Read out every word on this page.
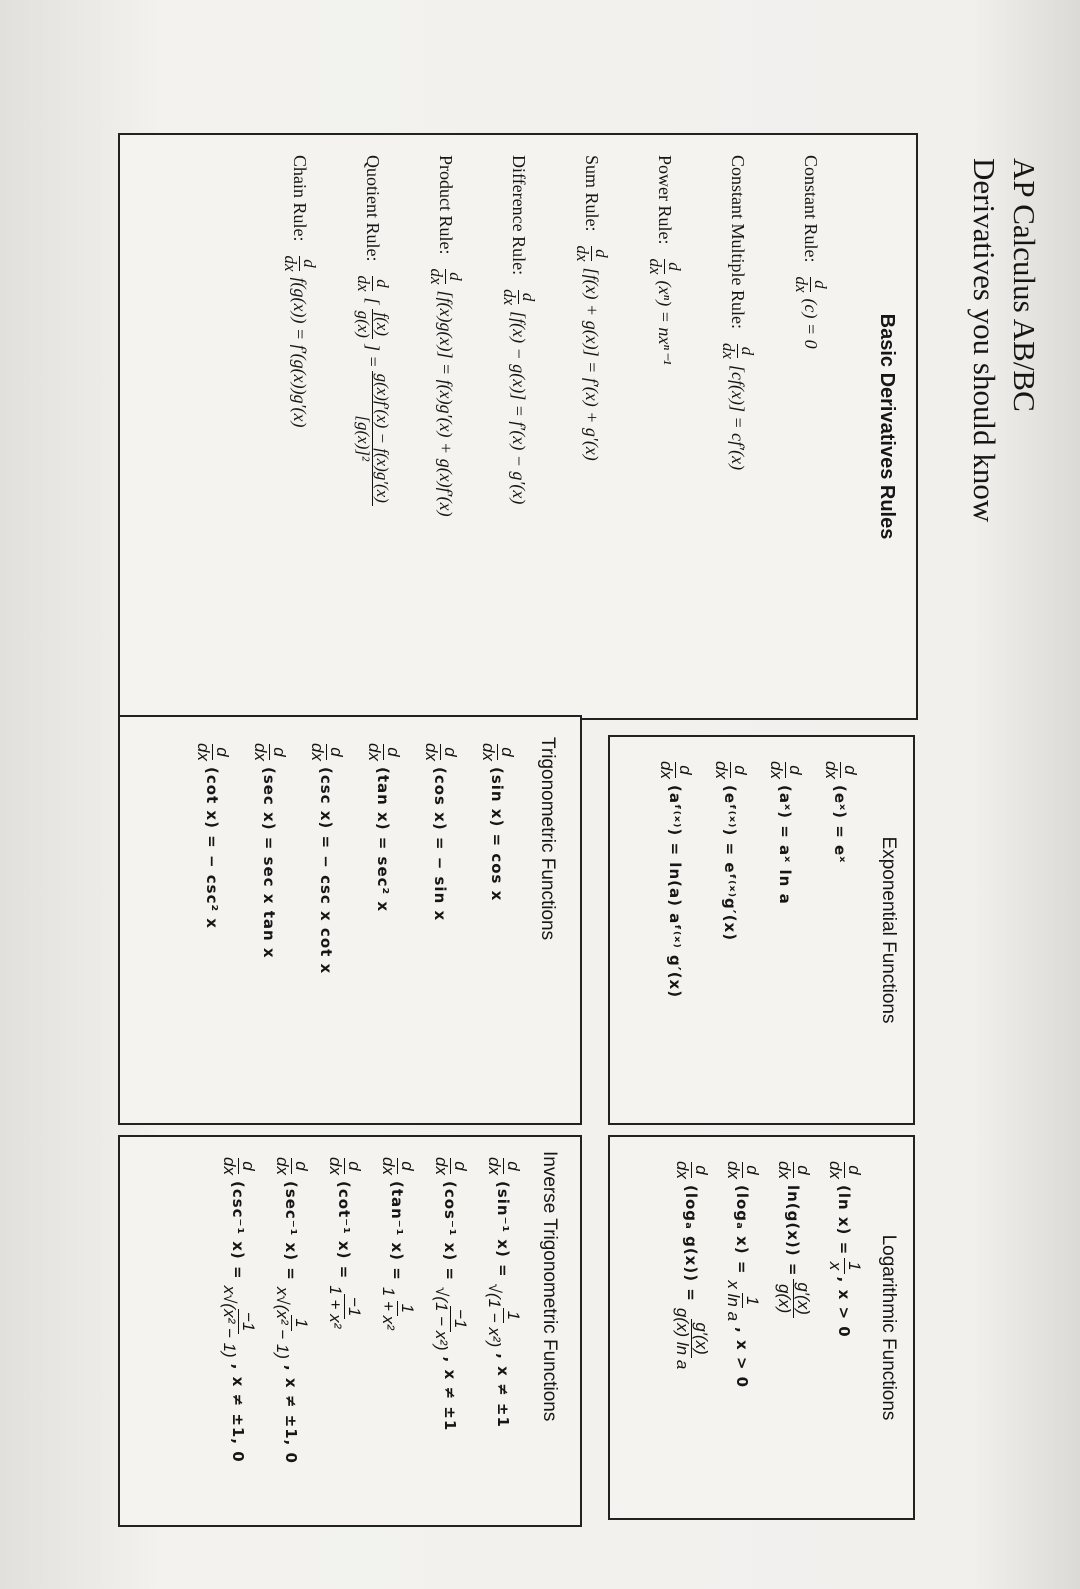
AP Calculus AB/BC
Derivatives you should know
Basic Derivatives Rules
Constant Rule:
d
dx
(c) = 0
Constant Multiple Rule:
d
dx
[cf(x)] = cf′(x)
Power Rule:
d
dx
(xⁿ) = nxⁿ⁻¹
Sum Rule:
d
dx
[f(x) + g(x)] = f′(x) + g′(x)
Difference Rule:
d
dx
[f(x) − g(x)] = f′(x) − g′(x)
Product Rule:
d
dx
[f(x)g(x)] = f(x)g′(x) + g(x)f′(x)
Quotient Rule:
d
dx
[
f(x)
g(x)
] =
g(x)f′(x) − f(x)g′(x)
[g(x)]²
Chain Rule:
d
dx
f(g(x)) = f′(g(x))g′(x)
Exponential Functions
d
dx
(eˣ) = eˣ
d
dx
(aˣ) = aˣ ln a
d
dx
(eᶠ⁽ˣ⁾) = eᶠ⁽ˣ⁾g′(x)
d
dx
(aᶠ⁽ˣ⁾) = ln(a) aᶠ⁽ˣ⁾ g′(x)
Trigonometric Functions
d
dx
(sin x) = cos x
d
dx
(cos x) = − sin x
d
dx
(tan x) = sec² x
d
dx
(csc x) = − csc x cot x
d
dx
(sec x) = sec x tan x
d
dx
(cot x) = − csc² x
Logarithmic Functions
d
dx
(ln x) =
1
x
, x > 0
d
dx
ln(g(x)) =
g′(x)
g(x)
d
dx
(logₐ x) =
1
x ln a
, x > 0
d
dx
(logₐ g(x)) =
g′(x)
g(x) ln a
Inverse Trigonometric Functions
d
dx
(sin⁻¹ x) =
1
√(1 − x²)
, x ≠ ±1
d
dx
(cos⁻¹ x) =
−1
√(1 − x²)
, x ≠ ±1
d
dx
(tan⁻¹ x) =
1
1 + x²
d
dx
(cot⁻¹ x) =
−1
1 + x²
d
dx
(sec⁻¹ x) =
1
x√(x² − 1)
, x ≠ ±1, 0
d
dx
(csc⁻¹ x) =
−1
x√(x² − 1)
, x ≠ ±1, 0
